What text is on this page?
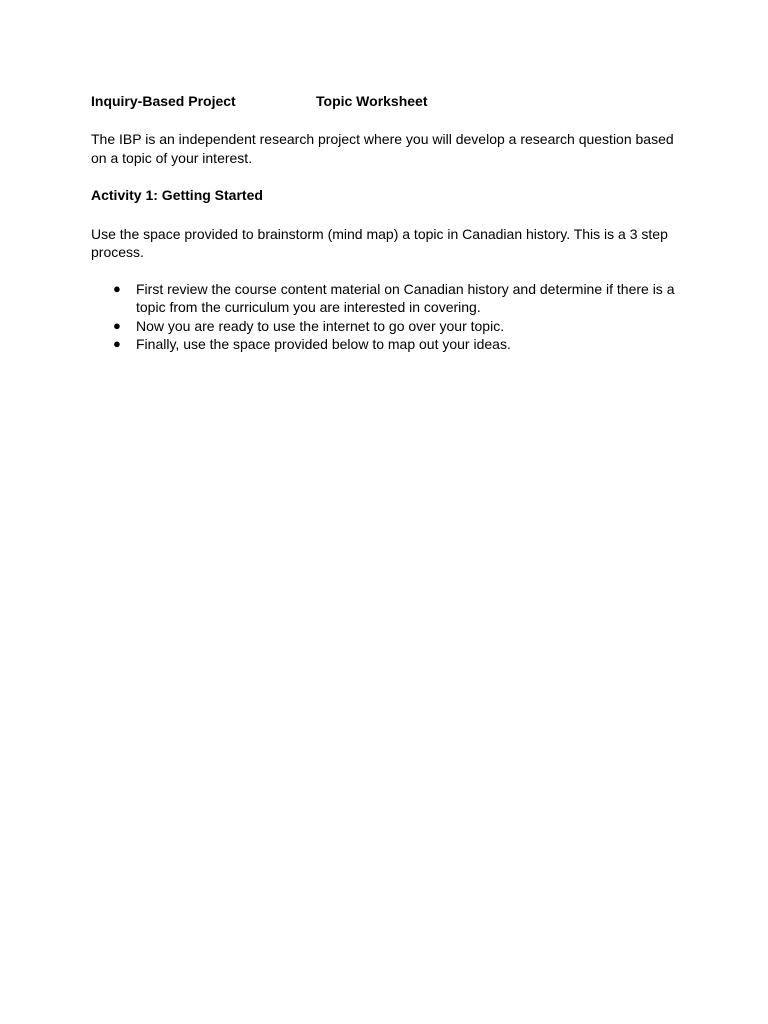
Inquiry-Based Project	Topic Worksheet

The IBP is an independent research project where you will develop a research question based on a topic of your interest.

Activity 1: Getting Started

Use the space provided to brainstorm (mind map) a topic in Canadian history. This is a 3 step process.

● First review the course content material on Canadian history and determine if there is a topic from the curriculum you are interested in covering.
● Now you are ready to use the internet to go over your topic.
● Finally, use the space provided below to map out your ideas.
